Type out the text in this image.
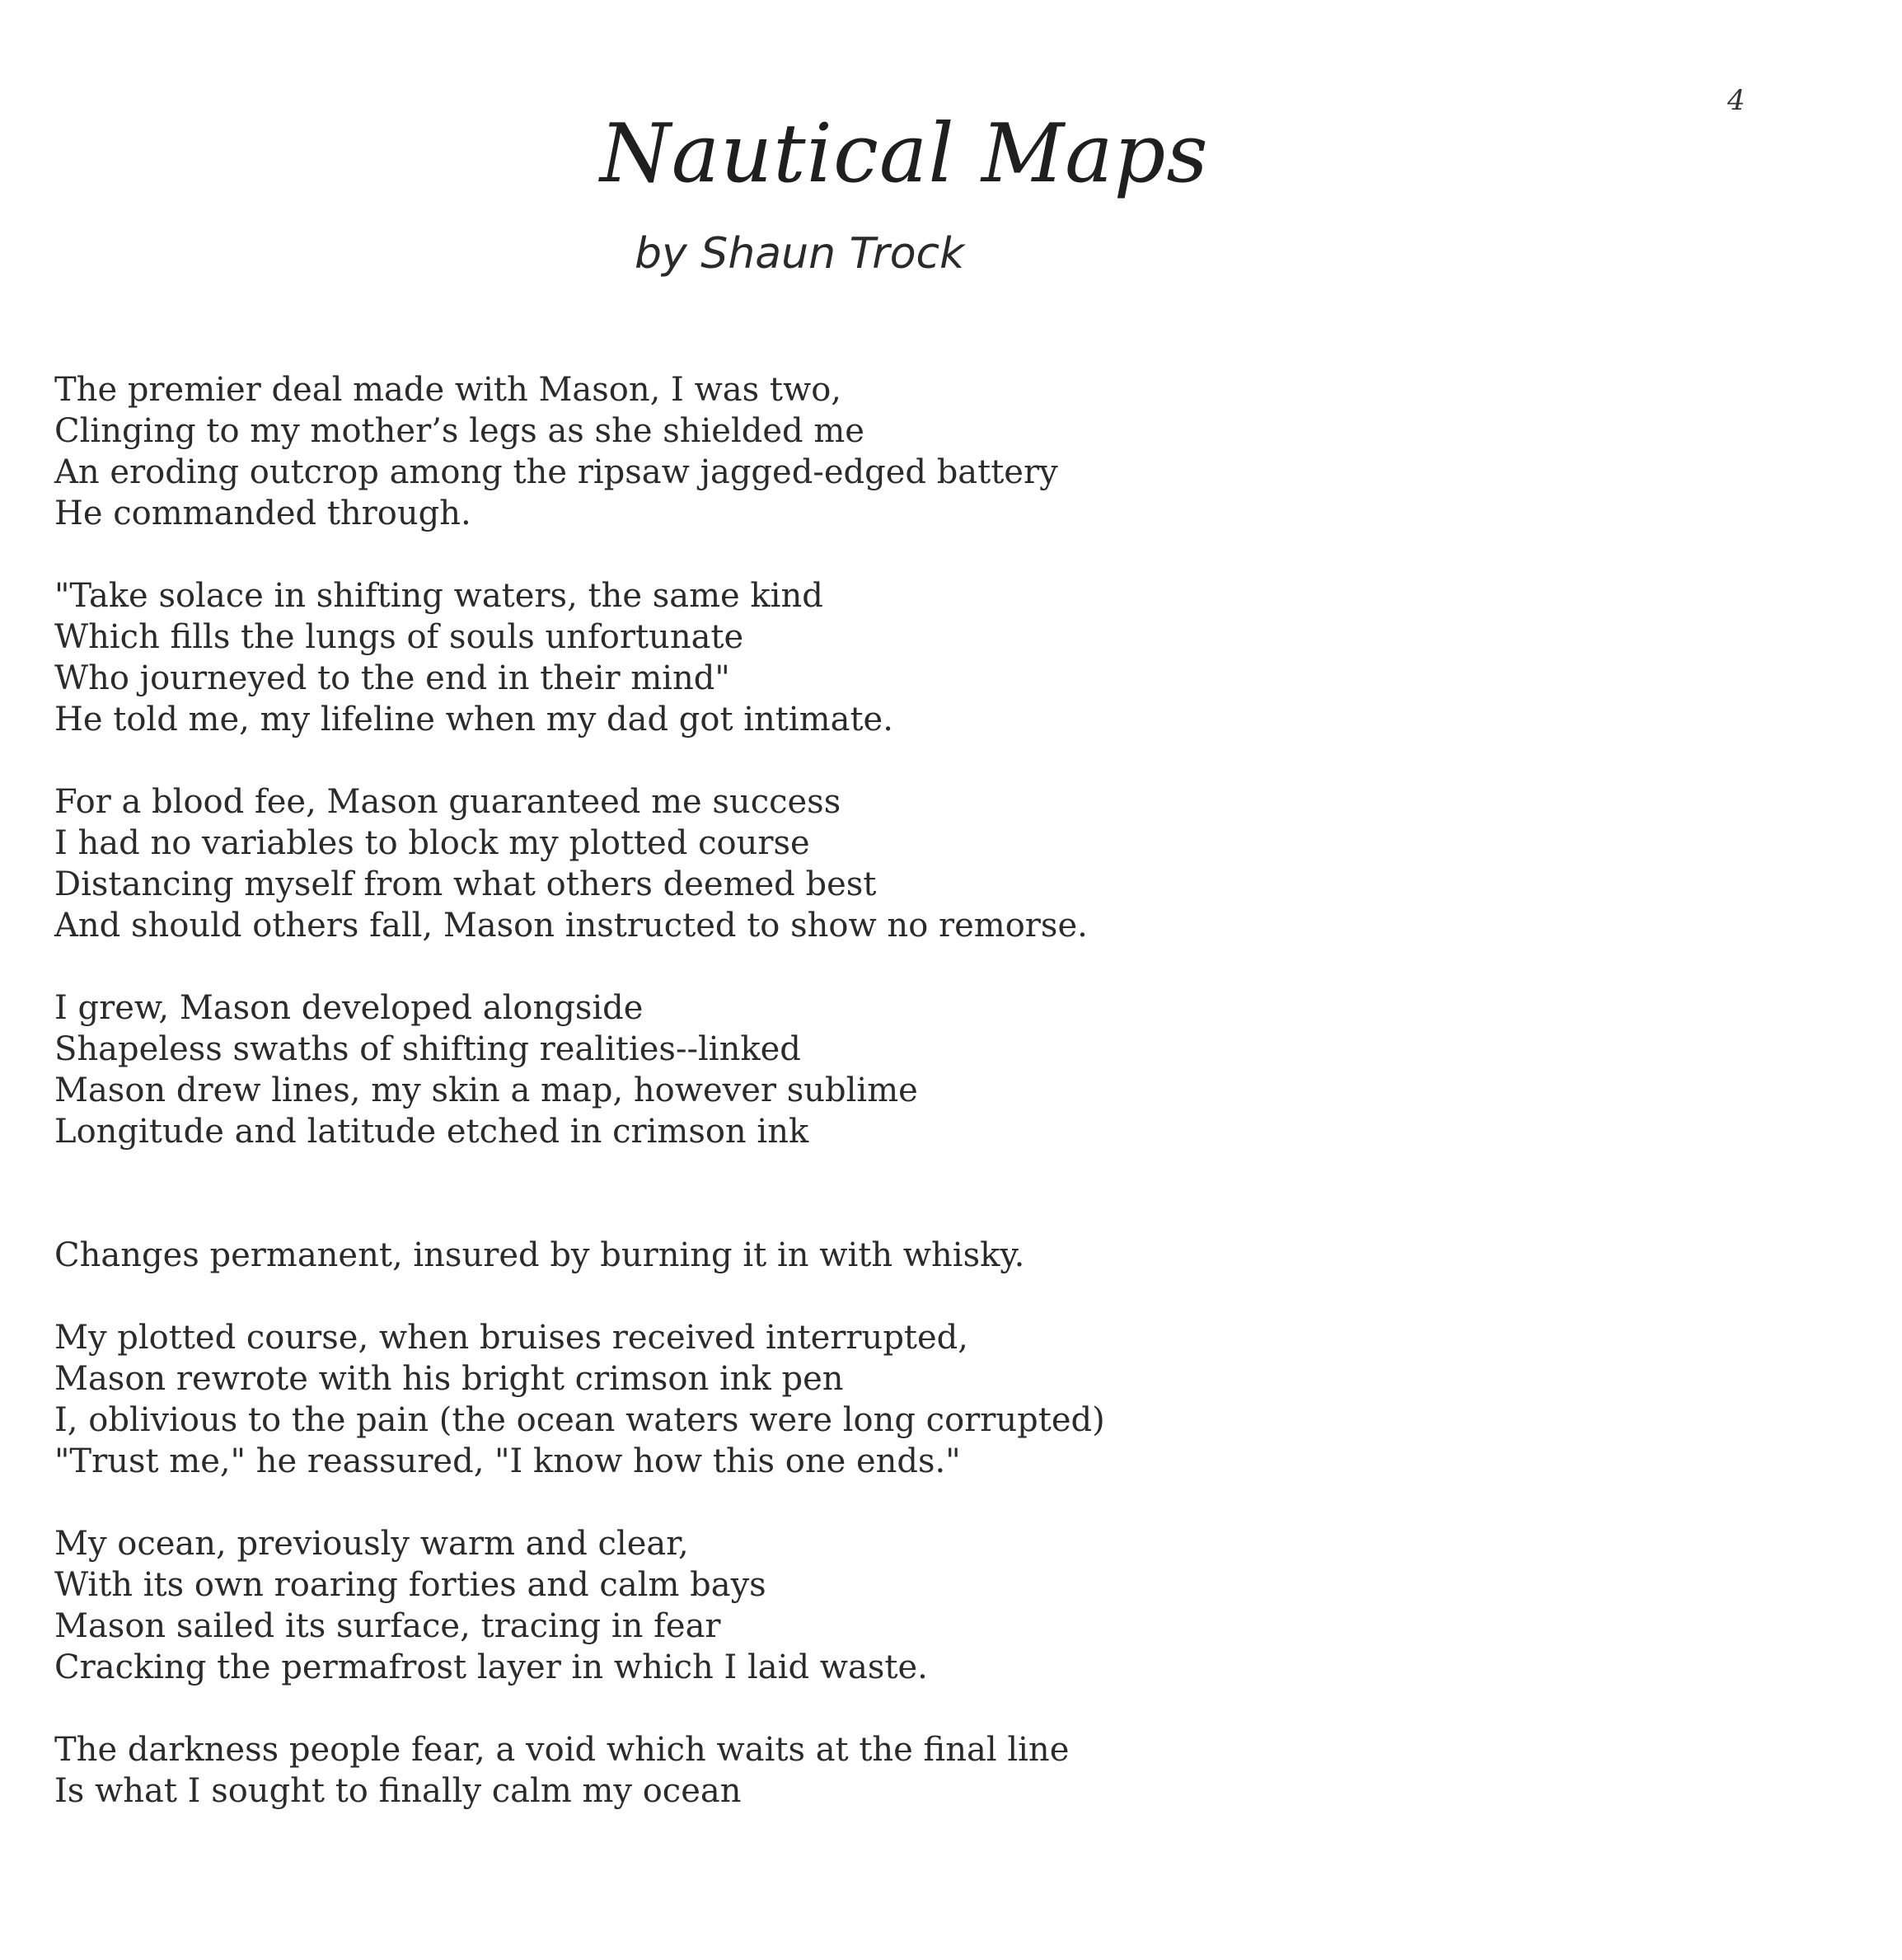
4
Nautical Maps
by Shaun Trock
The premier deal made with Mason, I was two,
Clinging to my mother’s legs as she shielded me
An eroding outcrop among the ripsaw jagged-edged battery
He commanded through.
"Take solace in shifting waters, the same kind
Which fills the lungs of souls unfortunate
Who journeyed to the end in their mind"
He told me, my lifeline when my dad got intimate.
For a blood fee, Mason guaranteed me success
I had no variables to block my plotted course
Distancing myself from what others deemed best
And should others fall, Mason instructed to show no remorse.
I grew, Mason developed alongside
Shapeless swaths of shifting realities--linked
Mason drew lines, my skin a map, however sublime
Longitude and latitude etched in crimson ink
Changes permanent, insured by burning it in with whisky.
My plotted course, when bruises received interrupted,
Mason rewrote with his bright crimson ink pen
I, oblivious to the pain (the ocean waters were long corrupted)
"Trust me," he reassured, "I know how this one ends."
My ocean, previously warm and clear,
With its own roaring forties and calm bays
Mason sailed its surface, tracing in fear
Cracking the permafrost layer in which I laid waste.
The darkness people fear, a void which waits at the final line
Is what I sought to finally calm my ocean
